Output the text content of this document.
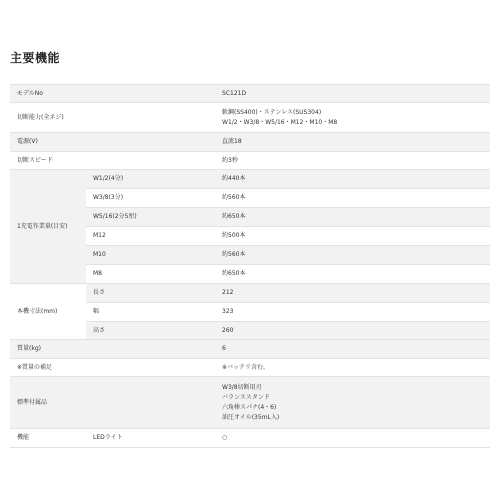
主要機能
モデルNo		SC121D
切断能力(全ネジ)		軟鋼(SS400)・ステンレス(SUS304)
W1/2・W3/8・W5/16・M12・M10・M8

電源(V)		直流18
切断スピード		約3秒
1充電作業量(目安)	W1/2(4分)	約440本
	W3/8(3分)	約560本
	W5/16(2分5厘)	約650本
	M12	約500本
	M10	約560本
	M8	約650本
本機寸法(mm)	長さ	212
	幅	323
	高さ	260
質量(kg)		6
※質量の補足		※バッテリ含む。
標準付属品		W3/8切断用刃
バランススタンド
六角棒スパナ(4・6)
油圧オイル(35mL入)

機能	LEDライト	○
